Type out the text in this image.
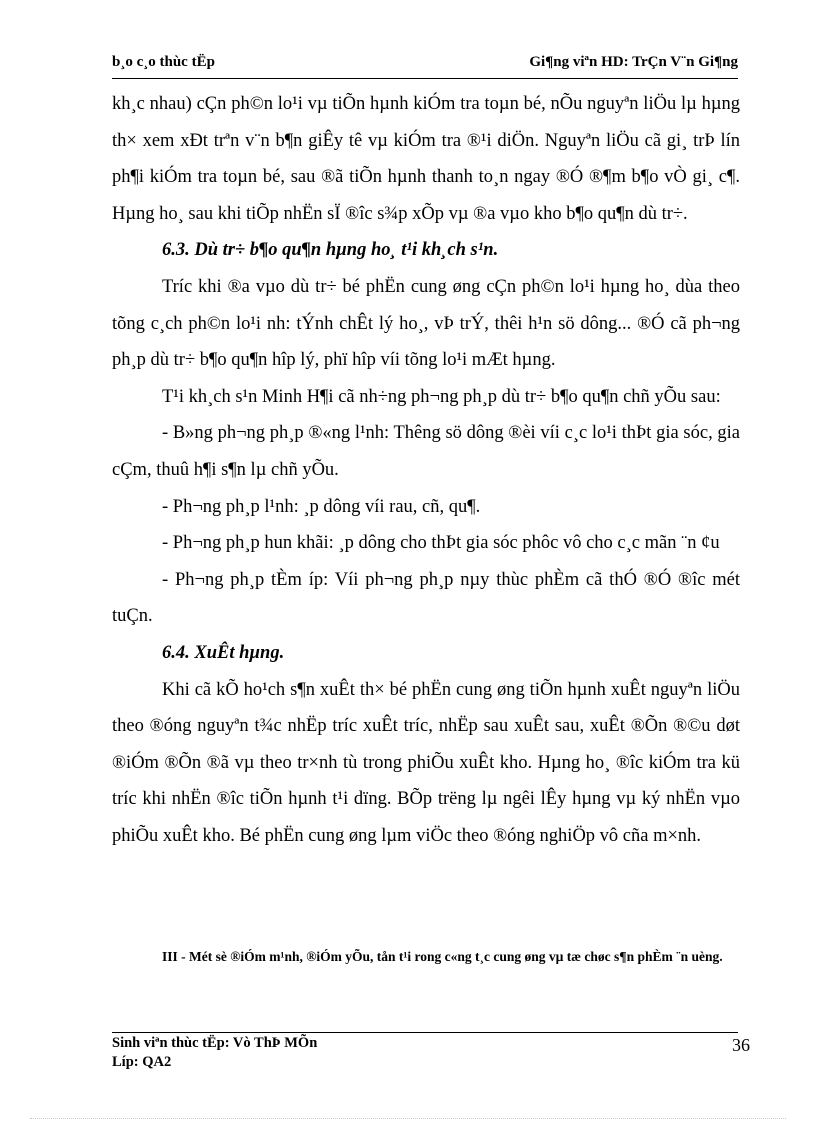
b¸o c¸o thùc tËp	Gi¶ng viªn HD: TrÇn V¨n Gi¶ng

kh¸c nhau) cÇn ph©n lo¹i vµ tiÕn hµnh kiÓm tra toµn bé, nÕu nguyªn liÖu lµ hµng th× xem xÐt trªn v¨n b¶n giÊy tê vµ kiÓm tra ®¹i diÖn. Nguyªn liÖu cã gi¸ trÞ lín ph¶i kiÓm tra toµn bé, sau ®ã tiÕn hµnh thanh to¸n ngay ®Ó ®¶m b¶o vÒ gi¸ c¶. Hµng ho¸ sau khi tiÕp nhËn sÏ ®îc s¾p xÕp vµ ®a vµo kho b¶o qu¶n dù tr÷.

6.3. Dù tr÷ b¶o qu¶n hµng ho¸ t¹i kh¸ch s¹n.

Tríc khi ®a vµo dù tr÷ bé phËn cung øng cÇn ph©n lo¹i hµng ho¸ dùa theo tõng c¸ch ph©n lo¹i nh: tÝnh chÊt lý ho¸, vÞ trÝ, thêi h¹n sö dông... ®Ó cã ph¬ng ph¸p dù tr÷ b¶o qu¶n hîp lý, phï hîp víi tõng lo¹i mÆt hµng.

T¹i kh¸ch s¹n Minh H¶i cã nh÷ng ph¬ng ph¸p dù tr÷ b¶o qu¶n chñ yÕu sau:

- B»ng ph¬ng ph¸p ®«ng l¹nh: Thêng sö dông ®èi víi c¸c lo¹i thÞt gia sóc, gia cÇm, thuû h¶i s¶n lµ chñ yÕu.

- Ph¬ng ph¸p l¹nh: ¸p dông víi rau, cñ, qu¶.

- Ph¬ng ph¸p hun khãi: ¸p dông cho thÞt gia sóc phôc vô cho c¸c mãn ¨n ¢u

- Ph¬ng ph¸p tÈm íp: Víi ph¬ng ph¸p nµy thùc phÈm cã thÓ ®Ó ®îc mét tuÇn.

6.4. XuÊt hµng.

Khi cã kÕ ho¹ch s¶n xuÊt th× bé phËn cung øng tiÕn hµnh xuÊt nguyªn liÖu theo ®óng nguyªn t¾c nhËp tríc xuÊt tríc, nhËp sau xuÊt sau, xuÊt ®Õn ®©u døt ®iÓm ®Õn ®ã vµ theo tr×nh tù trong phiÕu xuÊt kho. Hµng ho¸ ®îc kiÓm tra kü tríc khi nhËn ®îc tiÕn hµnh t¹i dïng. BÕp trëng lµ ngêi lÊy hµng vµ ký nhËn vµo phiÕu xuÊt kho. Bé phËn cung øng lµm viÖc theo ®óng nghiÖp vô cña m×nh.

III - Mét sè ®iÓm m¹nh, ®iÓm yÕu, tån t¹i rong c«ng t¸c cung øng vµ tæ chøc s¶n phÈm ¨n uèng.

Sinh viªn thùc tËp: Vò ThÞ MÕn
Líp: QA2
36
